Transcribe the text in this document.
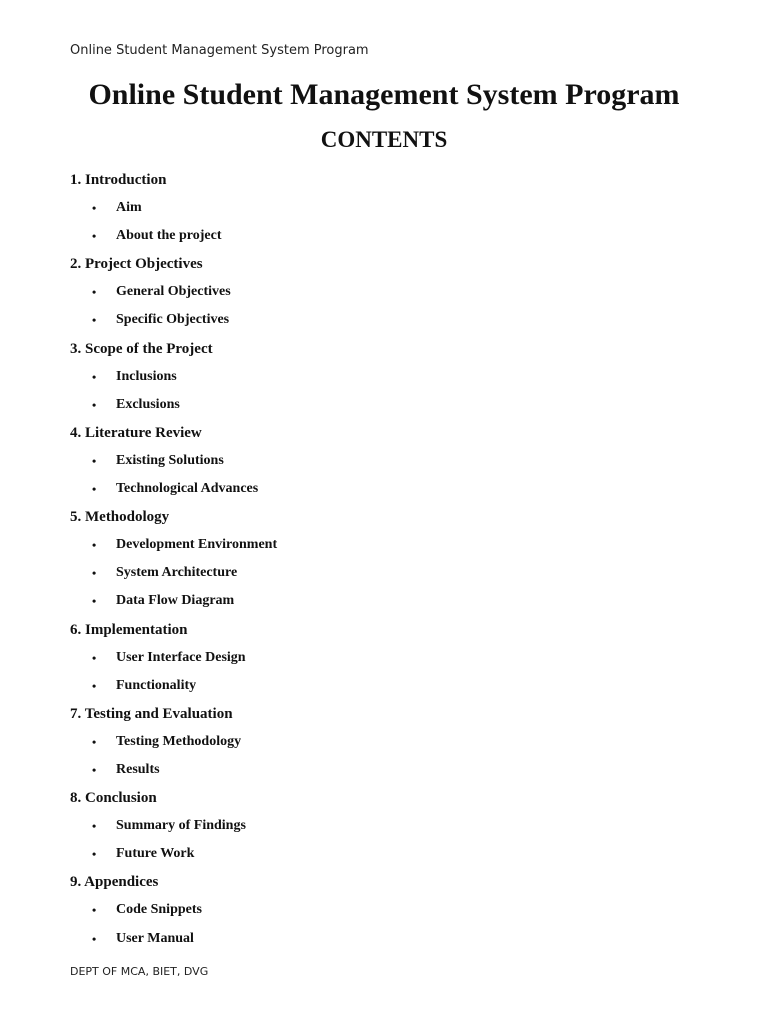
Online Student Management System Program
Online Student Management System Program
CONTENTS
1. Introduction
• Aim
• About the project
2. Project Objectives
• General Objectives
• Specific Objectives
3. Scope of the Project
• Inclusions
• Exclusions
4. Literature Review
• Existing Solutions
• Technological Advances
5. Methodology
• Development Environment
• System Architecture
• Data Flow Diagram
6. Implementation
• User Interface Design
• Functionality
7. Testing and Evaluation
• Testing Methodology
• Results
8. Conclusion
• Summary of Findings
• Future Work
9. Appendices
• Code Snippets
• User Manual
DEPT OF MCA, BIET, DVG
